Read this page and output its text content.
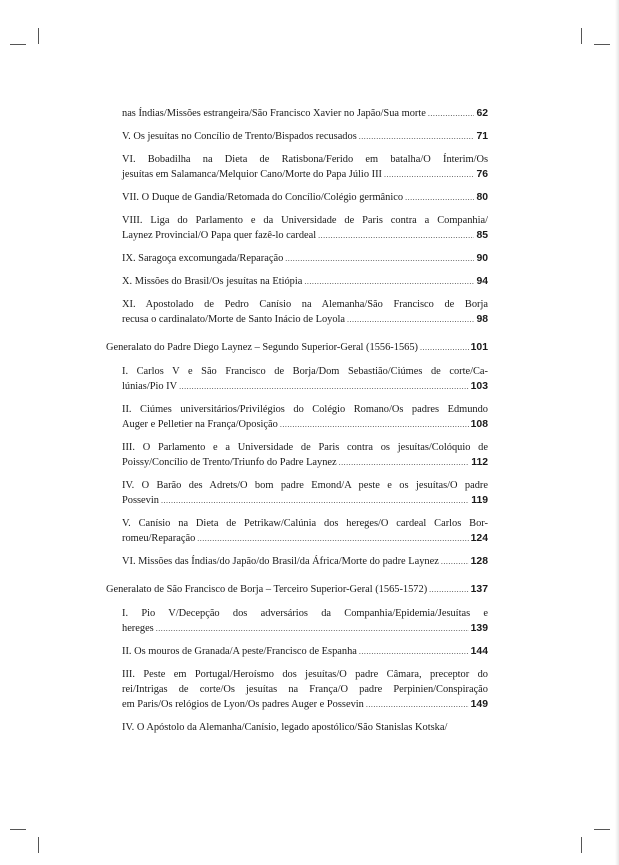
nas Índias/Missões estrangeira/São Francisco Xavier no Japão/Sua morte .....	62
V. Os jesuítas no Concílio de Trento/Bispados recusados .....	71
VI. Bobadilha na Dieta de Ratisbona/Ferido em batalha/O Ínterim/Os
jesuítas em Salamanca/Melquior Cano/Morte do Papa Júlio III .....	76
VII. O Duque de Gandia/Retomada do Concílio/Colégio germânico .....	80
VIII. Liga do Parlamento e da Universidade de Paris contra a Companhia/
Laynez Provincial/O Papa quer fazê-lo cardeal .....	85
IX. Saragoça excomungada/Reparação .....	90
X. Missões do Brasil/Os jesuítas na Etiópia .....	94
XI. Apostolado de Pedro Canísio na Alemanha/São Francisco de Borja
recusa o cardinalato/Morte de Santo Inácio de Loyola .....	98
Generalato do Padre Diego Laynez – Segundo Superior-Geral (1556-1565) .....	101
I. Carlos V e São Francisco de Borja/Dom Sebastião/Ciúmes de corte/Ca-
lúnias/Pio IV .....	103
II. Ciúmes universitários/Privilégios do Colégio Romano/Os padres Edmundo
Auger e Pelletier na França/Oposição .....	108
III. O Parlamento e a Universidade de Paris contra os jesuítas/Colóquio de
Poissy/Concílio de Trento/Triunfo do Padre Laynez .....	112
IV. O Barão des Adrets/O bom padre Emond/A peste e os jesuítas/O padre
Possevin .....	119
V. Canísio na Dieta de Petrikaw/Calúnia dos hereges/O cardeal Carlos Bor-
romeu/Reparação .....	124
VI. Missões das Índias/do Japão/do Brasil/da África/Morte do padre Laynez .....	128
Generalato de São Francisco de Borja – Terceiro Superior-Geral (1565-1572) .....	137
I. Pio V/Decepção dos adversários da Companhia/Epidemia/Jesuítas e
hereges .....	139
II. Os mouros de Granada/A peste/Francisco de Espanha .....	144
III. Peste em Portugal/Heroísmo dos jesuítas/O padre Câmara, preceptor do
rei/Intrigas de corte/Os jesuítas na França/O padre Perpinien/Conspiração
em Paris/Os relógios de Lyon/Os padres Auger e Possevin .....	149
IV. O Apóstolo da Alemanha/Canísio, legado apostólico/São Stanislas Kotska/
